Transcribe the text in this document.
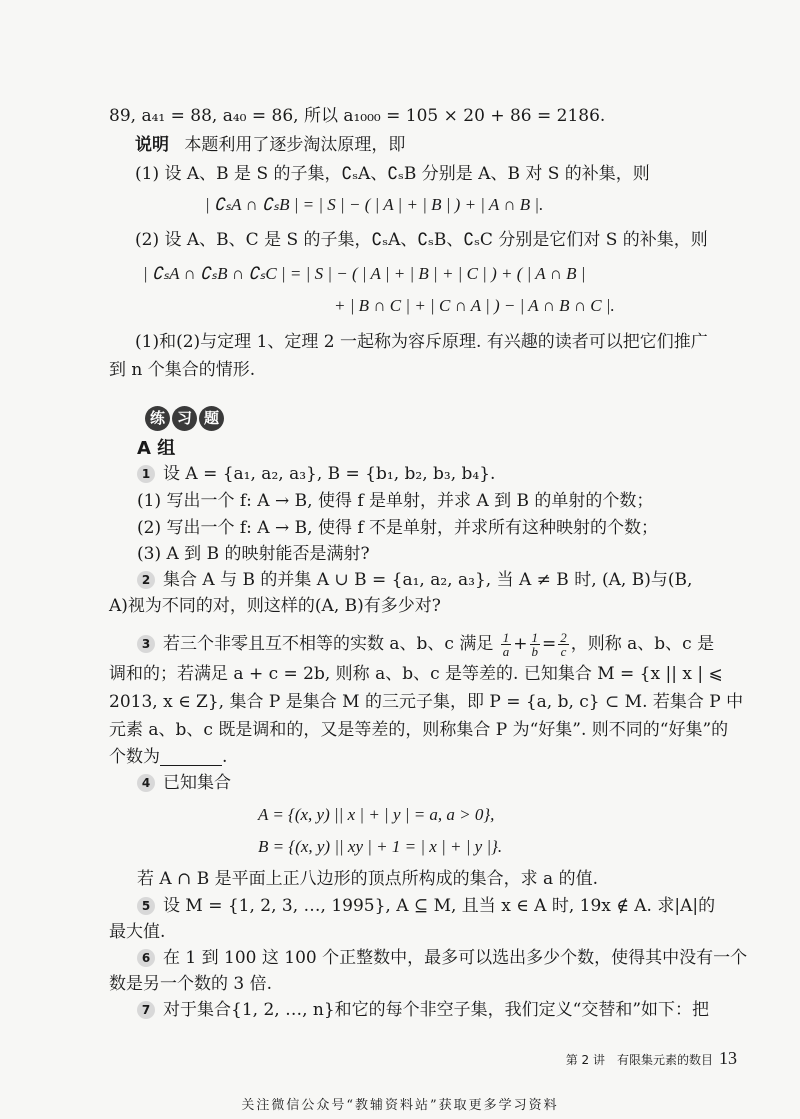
89, a₄₁ = 88, a₄₀ = 86, 所以 a₁₀₀₀ = 105 × 20 + 86 = 2186.
说明 本题利用了逐步淘汰原理，即
(1) 设 A、B 是 S 的子集，∁ₛA、∁ₛB 分别是 A、B 对 S 的补集，则
| ∁ₛA ∩ ∁ₛB | = | S | − ( | A | + | B | ) + | A ∩ B |.
(2) 设 A、B、C 是 S 的子集，∁ₛA、∁ₛB、∁ₛC 分别是它们对 S 的补集，则
| ∁ₛA ∩ ∁ₛB ∩ ∁ₛC | = | S | − ( | A | + | B | + | C | ) + ( | A ∩ B |
+ | B ∩ C | + | C ∩ A | ) − | A ∩ B ∩ C |.
(1)和(2)与定理 1、定理 2 一起称为容斥原理. 有兴趣的读者可以把它们推广
到 n 个集合的情形.
练 习 题
A 组
1 设 A = {a₁, a₂, a₃}, B = {b₁, b₂, b₃, b₄}.
(1) 写出一个 f: A → B, 使得 f 是单射，并求 A 到 B 的单射的个数；
(2) 写出一个 f: A → B, 使得 f 不是单射，并求所有这种映射的个数；
(3) A 到 B 的映射能否是满射?
2 集合 A 与 B 的并集 A ∪ B = {a₁, a₂, a₃}, 当 A ≠ B 时, (A, B)与(B,
A)视为不同的对，则这样的(A, B)有多少对?
3 若三个非零且互不相等的实数 a、b、c 满足 $\frac{1}{a} + \frac{1}{b} = \frac{2}{c}$ ，则称 a、b、c 是
调和的；若满足 a + c = 2b, 则称 a、b、c 是等差的. 已知集合 M = {x || x | ⩽
2013, x ∈ Z}, 集合 P 是集合 M 的三元子集，即 P = {a, b, c} ⊂ M. 若集合 P 中
元素 a、b、c 既是调和的，又是等差的，则称集合 P 为“好集”. 则不同的“好集”的
个数为	.
4 已知集合
A = {(x, y) || x | + | y | = a, a > 0},
B = {(x, y) || xy | + 1 = | x | + | y |}.
若 A ∩ B 是平面上正八边形的顶点所构成的集合，求 a 的值.
5 设 M = {1, 2, 3, …, 1995}, A ⊆ M, 且当 x ∈ A 时, 19x ∉ A. 求|A|的
最大值.
6 在 1 到 100 这 100 个正整数中，最多可以选出多少个数，使得其中没有一个
数是另一个数的 3 倍.
7 对于集合{1, 2, …, n}和它的每个非空子集，我们定义“交替和”如下：把
第 2 讲　有限集元素的数目 13
关注微信公众号“教辅资料站”获取更多学习资料
